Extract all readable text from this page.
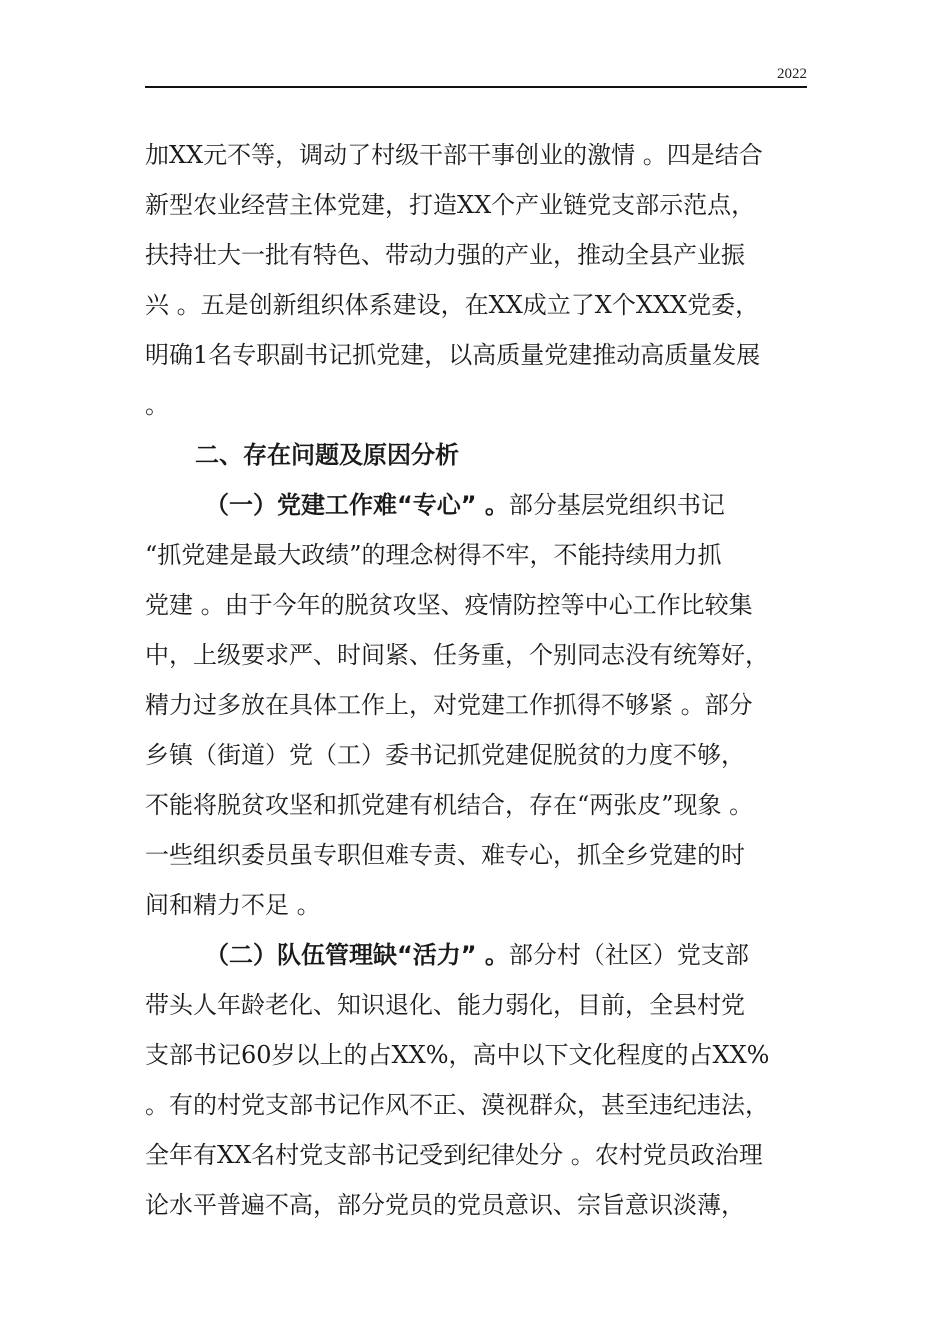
2022
加XX元不等，调动了村级干部干事创业的激情 。四是结合
新型农业经营主体党建，打造XX个产业链党支部示范点，
扶持壮大一批有特色、带动力强的产业，推动全县产业振
兴 。五是创新组织体系建设，在XX成立了X个XXX党委，
明确1名专职副书记抓党建，以高质量党建推动高质量发展
。
二、存在问题及原因分析
（一）党建工作难“专心” 。部分基层党组织书记
“抓党建是最大政绩”的理念树得不牢，不能持续用力抓
党建 。由于今年的脱贫攻坚、疫情防控等中心工作比较集
中，上级要求严、时间紧、任务重，个别同志没有统筹好，
精力过多放在具体工作上，对党建工作抓得不够紧 。部分
乡镇（街道）党（工）委书记抓党建促脱贫的力度不够，
不能将脱贫攻坚和抓党建有机结合，存在“两张皮”现象 。
一些组织委员虽专职但难专责、难专心，抓全乡党建的时
间和精力不足 。
（二）队伍管理缺“活力” 。部分村（社区）党支部
带头人年龄老化、知识退化、能力弱化，目前，全县村党
支部书记60岁以上的占XX%，高中以下文化程度的占XX%
。有的村党支部书记作风不正、漠视群众，甚至违纪违法，
全年有XX名村党支部书记受到纪律处分 。农村党员政治理
论水平普遍不高，部分党员的党员意识、宗旨意识淡薄，
